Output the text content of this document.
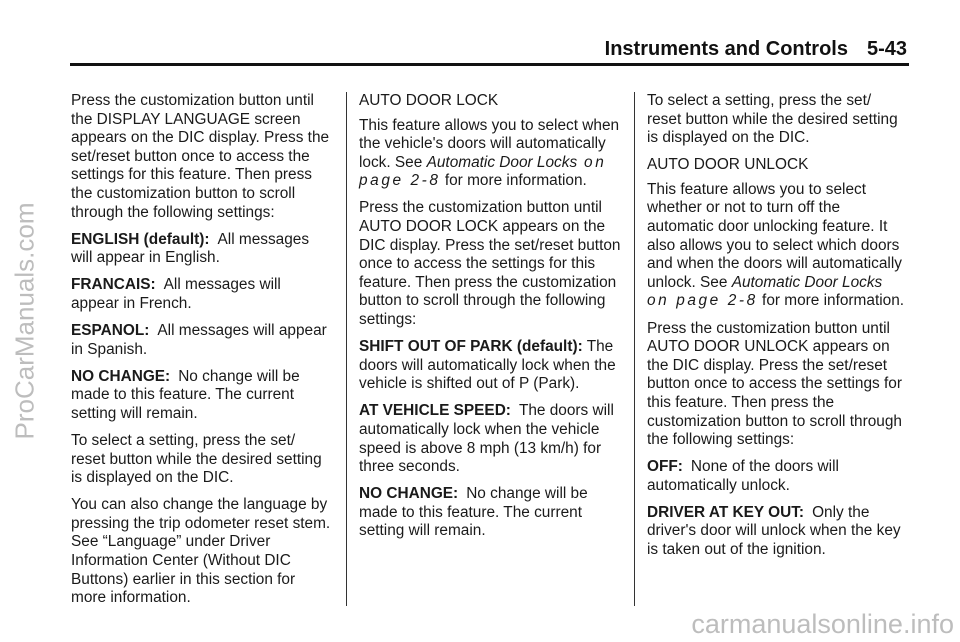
Instruments and Controls 5-43
ProCarManuals.com

Press the customization button until the DISPLAY LANGUAGE screen appears on the DIC display. Press the set/reset button once to access the settings for this feature. Then press the customization button to scroll through the following settings:

ENGLISH (default): All messages will appear in English.

FRANCAIS: All messages will appear in French.

ESPANOL: All messages will appear in Spanish.

NO CHANGE: No change will be made to this feature. The current setting will remain.

To select a setting, press the set/ reset button while the desired setting is displayed on the DIC.

You can also change the language by pressing the trip odometer reset stem. See “Language” under Driver Information Center (Without DIC Buttons) earlier in this section for more information.

AUTO DOOR LOCK

This feature allows you to select when the vehicle's doors will automatically lock. See Automatic Door Locks on page 2-8 for more information.

Press the customization button until AUTO DOOR LOCK appears on the DIC display. Press the set/reset button once to access the settings for this feature. Then press the customization button to scroll through the following settings:

SHIFT OUT OF PARK (default): The doors will automatically lock when the vehicle is shifted out of P (Park).

AT VEHICLE SPEED: The doors will automatically lock when the vehicle speed is above 8 mph (13 km/h) for three seconds.

NO CHANGE: No change will be made to this feature. The current setting will remain.

To select a setting, press the set/ reset button while the desired setting is displayed on the DIC.

AUTO DOOR UNLOCK

This feature allows you to select whether or not to turn off the automatic door unlocking feature. It also allows you to select which doors and when the doors will automatically unlock. See Automatic Door Locks on page 2-8 for more information.

Press the customization button until AUTO DOOR UNLOCK appears on the DIC display. Press the set/reset button once to access the settings for this feature. Then press the customization button to scroll through the following settings:

OFF: None of the doors will automatically unlock.

DRIVER AT KEY OUT: Only the driver's door will unlock when the key is taken out of the ignition.

carmanualsonline.info
